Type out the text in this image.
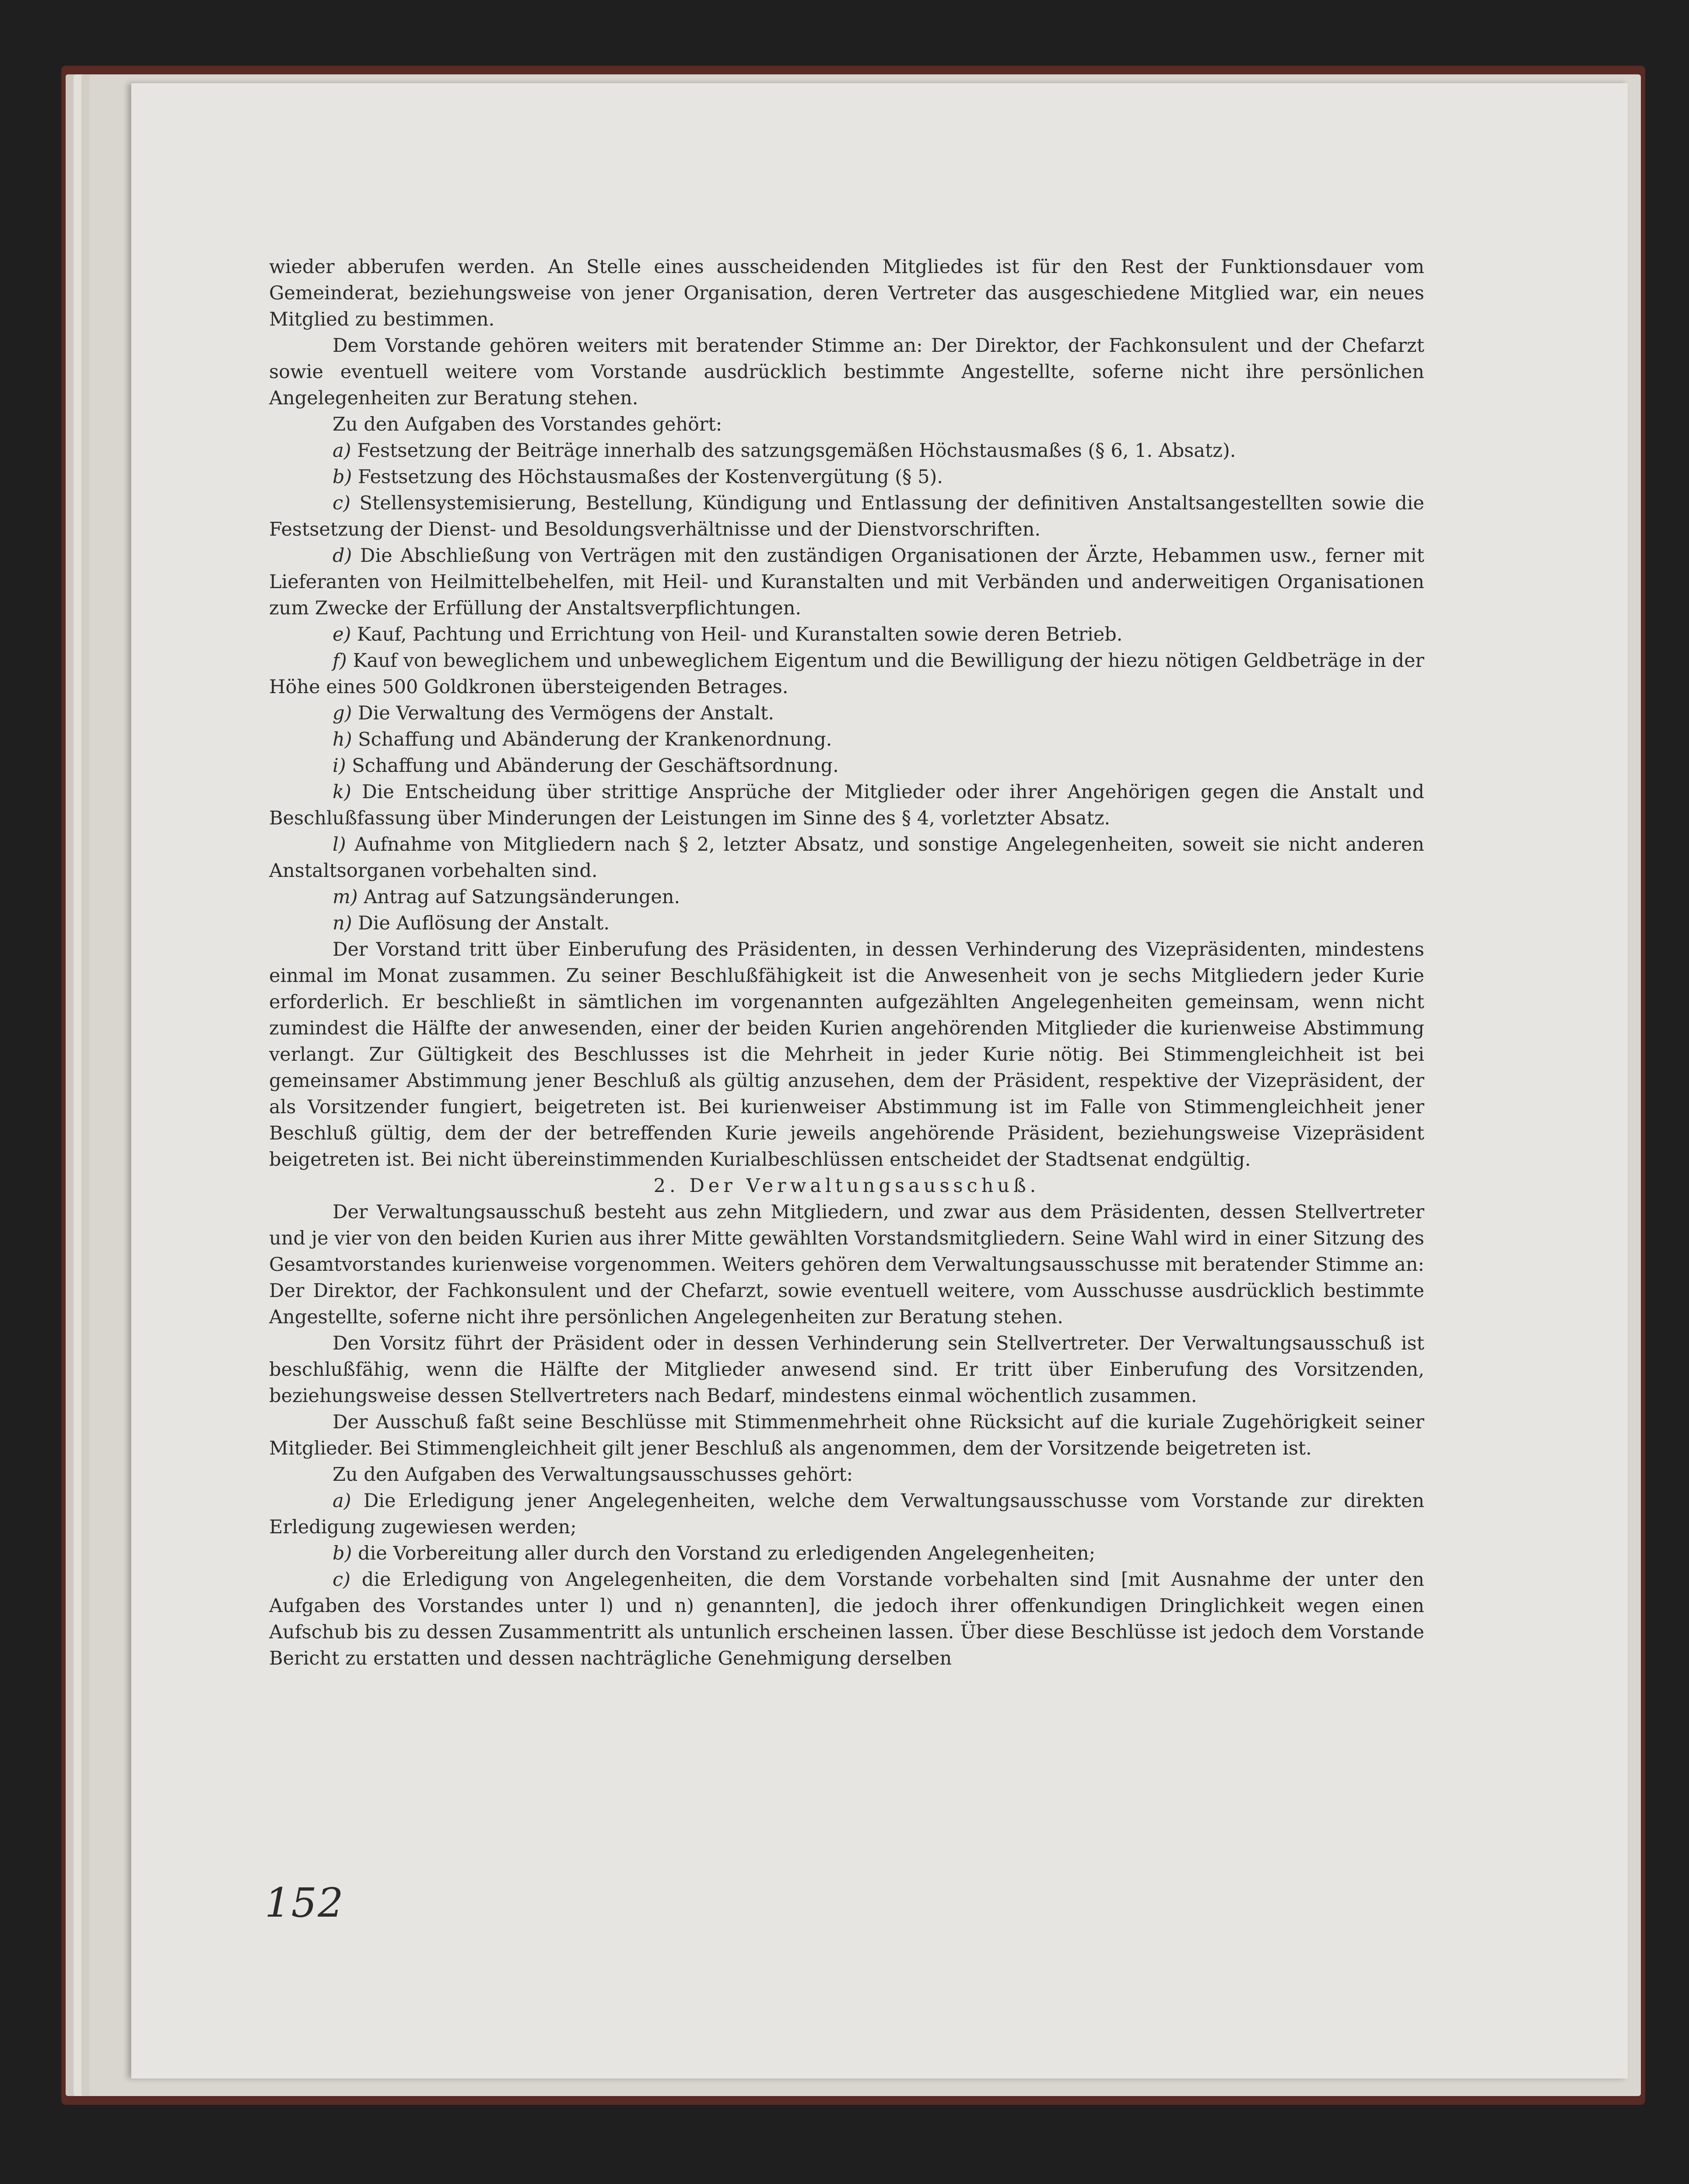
wieder abberufen werden. An Stelle eines ausscheidenden Mitgliedes ist für den Rest der Funktionsdauer vom Gemeinderat, beziehungsweise von jener Organisation, deren Vertreter das ausgeschiedene Mitglied war, ein neues Mitglied zu bestimmen.

Dem Vorstande gehören weiters mit beratender Stimme an: Der Direktor, der Fachkonsulent und der Chefarzt sowie eventuell weitere vom Vorstande ausdrücklich bestimmte Angestellte, soferne nicht ihre persönlichen Angelegenheiten zur Beratung stehen.

Zu den Aufgaben des Vorstandes gehört:

a) Festsetzung der Beiträge innerhalb des satzungsgemäßen Höchstausmaßes (§ 6, 1. Absatz).

b) Festsetzung des Höchstausmaßes der Kostenvergütung (§ 5).

c) Stellensystemisierung, Bestellung, Kündigung und Entlassung der definitiven Anstaltsangestellten sowie die Festsetzung der Dienst- und Besoldungsverhältnisse und der Dienstvorschriften.

d) Die Abschließung von Verträgen mit den zuständigen Organisationen der Ärzte, Hebammen usw., ferner mit Lieferanten von Heilmittelbehelfen, mit Heil- und Kuranstalten und mit Verbänden und anderweitigen Organisationen zum Zwecke der Erfüllung der Anstaltsverpflichtungen.

e) Kauf, Pachtung und Errichtung von Heil- und Kuranstalten sowie deren Betrieb.

f) Kauf von beweglichem und unbeweglichem Eigentum und die Bewilligung der hiezu nötigen Geldbeträge in der Höhe eines 500 Goldkronen übersteigenden Betrages.

g) Die Verwaltung des Vermögens der Anstalt.

h) Schaffung und Abänderung der Krankenordnung.

i) Schaffung und Abänderung der Geschäftsordnung.

k) Die Entscheidung über strittige Ansprüche der Mitglieder oder ihrer Angehörigen gegen die Anstalt und Beschlußfassung über Minderungen der Leistungen im Sinne des § 4, vorletzter Absatz.

l) Aufnahme von Mitgliedern nach § 2, letzter Absatz, und sonstige Angelegenheiten, soweit sie nicht anderen Anstaltsorganen vorbehalten sind.

m) Antrag auf Satzungsänderungen.

n) Die Auflösung der Anstalt.

Der Vorstand tritt über Einberufung des Präsidenten, in dessen Verhinderung des Vizepräsidenten, mindestens einmal im Monat zusammen. Zu seiner Beschlußfähigkeit ist die Anwesenheit von je sechs Mitgliedern jeder Kurie erforderlich. Er beschließt in sämtlichen im vorgenannten aufgezählten Angelegenheiten gemeinsam, wenn nicht zumindest die Hälfte der anwesenden, einer der beiden Kurien angehörenden Mitglieder die kurienweise Abstimmung verlangt. Zur Gültigkeit des Beschlusses ist die Mehrheit in jeder Kurie nötig. Bei Stimmengleichheit ist bei gemeinsamer Abstimmung jener Beschluß als gültig anzusehen, dem der Präsident, respektive der Vizepräsident, der als Vorsitzender fungiert, beigetreten ist. Bei kurienweiser Abstimmung ist im Falle von Stimmengleichheit jener Beschluß gültig, dem der der betreffenden Kurie jeweils angehörende Präsident, beziehungsweise Vizepräsident beigetreten ist. Bei nicht übereinstimmenden Kurialbeschlüssen entscheidet der Stadtsenat endgültig.

2. Der Verwaltungsausschuß.

Der Verwaltungsausschuß besteht aus zehn Mitgliedern, und zwar aus dem Präsidenten, dessen Stellvertreter und je vier von den beiden Kurien aus ihrer Mitte gewählten Vorstandsmitgliedern. Seine Wahl wird in einer Sitzung des Gesamtvorstandes kurienweise vorgenommen. Weiters gehören dem Verwaltungsausschusse mit beratender Stimme an: Der Direktor, der Fachkonsulent und der Chefarzt, sowie eventuell weitere, vom Ausschusse ausdrücklich bestimmte Angestellte, soferne nicht ihre persönlichen Angelegenheiten zur Beratung stehen.

Den Vorsitz führt der Präsident oder in dessen Verhinderung sein Stellvertreter. Der Verwaltungsausschuß ist beschlußfähig, wenn die Hälfte der Mitglieder anwesend sind. Er tritt über Einberufung des Vorsitzenden, beziehungsweise dessen Stellvertreters nach Bedarf, mindestens einmal wöchentlich zusammen.

Der Ausschuß faßt seine Beschlüsse mit Stimmenmehrheit ohne Rücksicht auf die kuriale Zugehörigkeit seiner Mitglieder. Bei Stimmengleichheit gilt jener Beschluß als angenommen, dem der Vorsitzende beigetreten ist.

Zu den Aufgaben des Verwaltungsausschusses gehört:

a) Die Erledigung jener Angelegenheiten, welche dem Verwaltungsausschusse vom Vorstande zur direkten Erledigung zugewiesen werden;

b) die Vorbereitung aller durch den Vorstand zu erledigenden Angelegenheiten;

c) die Erledigung von Angelegenheiten, die dem Vorstande vorbehalten sind [mit Ausnahme der unter den Aufgaben des Vorstandes unter l) und n) genannten], die jedoch ihrer offenkundigen Dringlichkeit wegen einen Aufschub bis zu dessen Zusammentritt als untunlich erscheinen lassen. Über diese Beschlüsse ist jedoch dem Vorstande Bericht zu erstatten und dessen nachträgliche Genehmigung derselben

152
